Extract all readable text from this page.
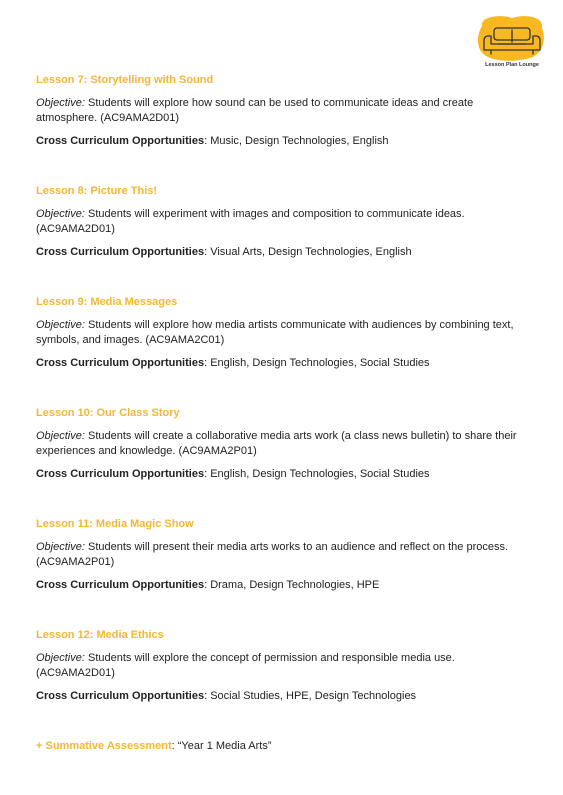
Lesson Plan Lounge
Lesson 7: Storytelling with Sound

Objective: Students will explore how sound can be used to communicate ideas and create atmosphere. (AC9AMA2D01)

Cross Curriculum Opportunities: Music, Design Technologies, English

Lesson 8: Picture This!

Objective: Students will experiment with images and composition to communicate ideas. (AC9AMA2D01)

Cross Curriculum Opportunities: Visual Arts, Design Technologies, English

Lesson 9: Media Messages

Objective: Students will explore how media artists communicate with audiences by combining text, symbols, and images. (AC9AMA2C01)

Cross Curriculum Opportunities: English, Design Technologies, Social Studies

Lesson 10: Our Class Story

Objective: Students will create a collaborative media arts work (a class news bulletin) to share their experiences and knowledge. (AC9AMA2P01)

Cross Curriculum Opportunities: English, Design Technologies, Social Studies

Lesson 11: Media Magic Show

Objective: Students will present their media arts works to an audience and reflect on the process. (AC9AMA2P01)

Cross Curriculum Opportunities: Drama, Design Technologies, HPE

Lesson 12: Media Ethics

Objective: Students will explore the concept of permission and responsible media use. (AC9AMA2D01)

Cross Curriculum Opportunities: Social Studies, HPE, Design Technologies

+ Summative Assessment: “Year 1 Media Arts”
